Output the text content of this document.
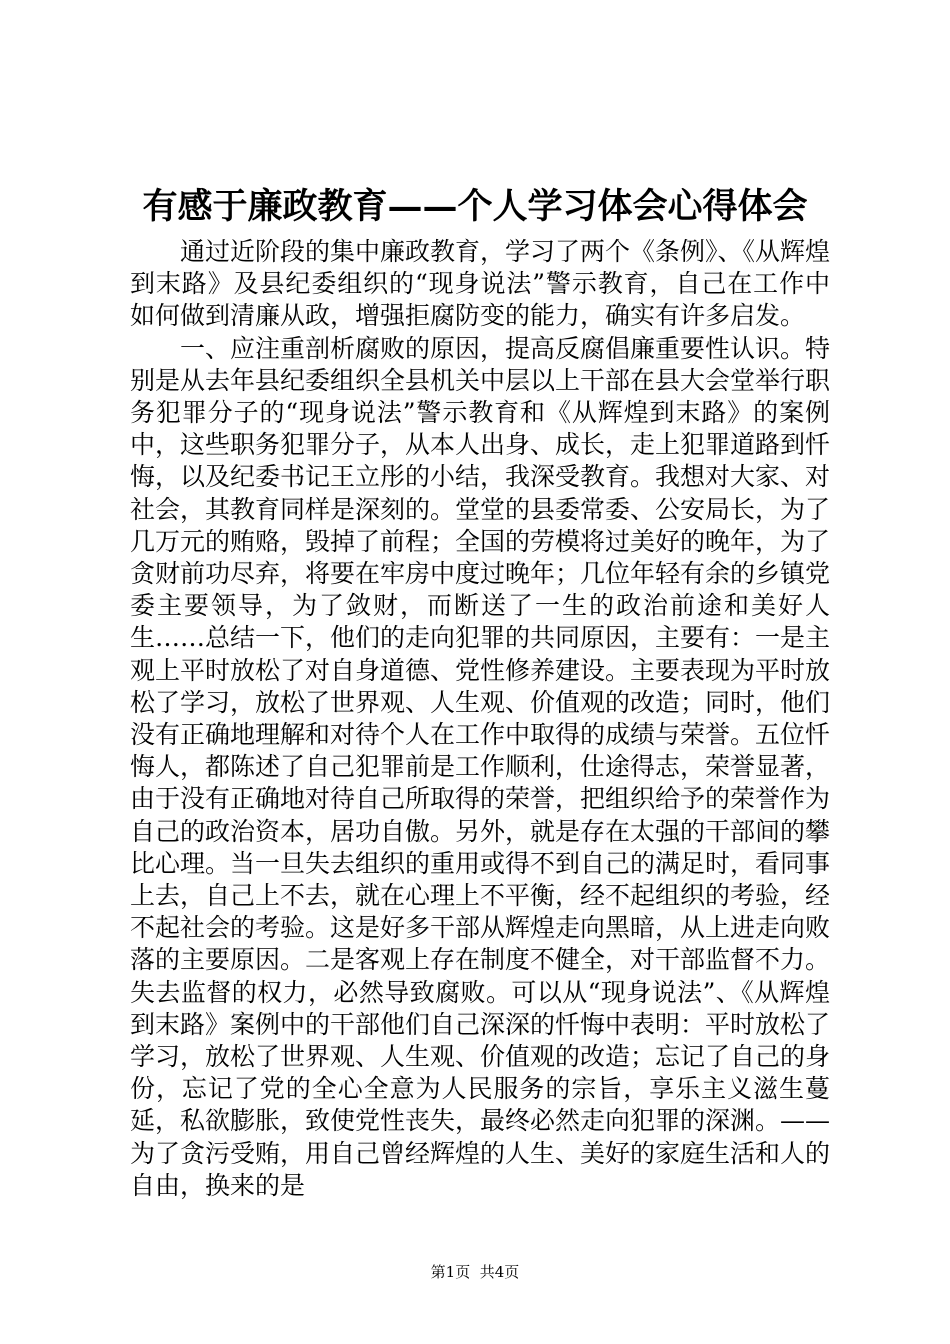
有感于廉政教育——个人学习体会心得体会

通过近阶段的集中廉政教育，学习了两个《条例》、《从辉煌到末路》及县纪委组织的“现身说法”警示教育，自己在工作中如何做到清廉从政，增强拒腐防变的能力，确实有许多启发。

一、应注重剖析腐败的原因，提高反腐倡廉重要性认识。特别是从去年县纪委组织全县机关中层以上干部在县大会堂举行职务犯罪分子的“现身说法”警示教育和《从辉煌到末路》的案例中，这些职务犯罪分子，从本人出身、成长，走上犯罪道路到忏悔，以及纪委书记王立彤的小结，我深受教育。我想对大家、对社会，其教育同样是深刻的。堂堂的县委常委、公安局长，为了几万元的贿赂，毁掉了前程；全国的劳模将过美好的晚年，为了贪财前功尽弃，将要在牢房中度过晚年；几位年轻有余的乡镇党委主要领导，为了敛财，而断送了一生的政治前途和美好人生……总结一下，他们的走向犯罪的共同原因，主要有：一是主观上平时放松了对自身道德、党性修养建设。主要表现为平时放松了学习，放松了世界观、人生观、价值观的改造；同时，他们没有正确地理解和对待个人在工作中取得的成绩与荣誉。五位忏悔人，都陈述了自己犯罪前是工作顺利，仕途得志，荣誉显著，由于没有正确地对待自己所取得的荣誉，把组织给予的荣誉作为自己的政治资本，居功自傲。另外，就是存在太强的干部间的攀比心理。当一旦失去组织的重用或得不到自己的满足时，看同事上去，自己上不去，就在心理上不平衡，经不起组织的考验，经不起社会的考验。这是好多干部从辉煌走向黑暗，从上进走向败落的主要原因。二是客观上存在制度不健全，对干部监督不力。失去监督的权力，必然导致腐败。可以从“现身说法”、《从辉煌到末路》案例中的干部他们自己深深的忏悔中表明：平时放松了学习，放松了世界观、人生观、价值观的改造；忘记了自己的身份，忘记了党的全心全意为人民服务的宗旨，享乐主义滋生蔓延，私欲膨胀，致使党性丧失，最终必然走向犯罪的深渊。——为了贪污受贿，用自己曾经辉煌的人生、美好的家庭生活和人的自由，换来的是

第1页 共4页
